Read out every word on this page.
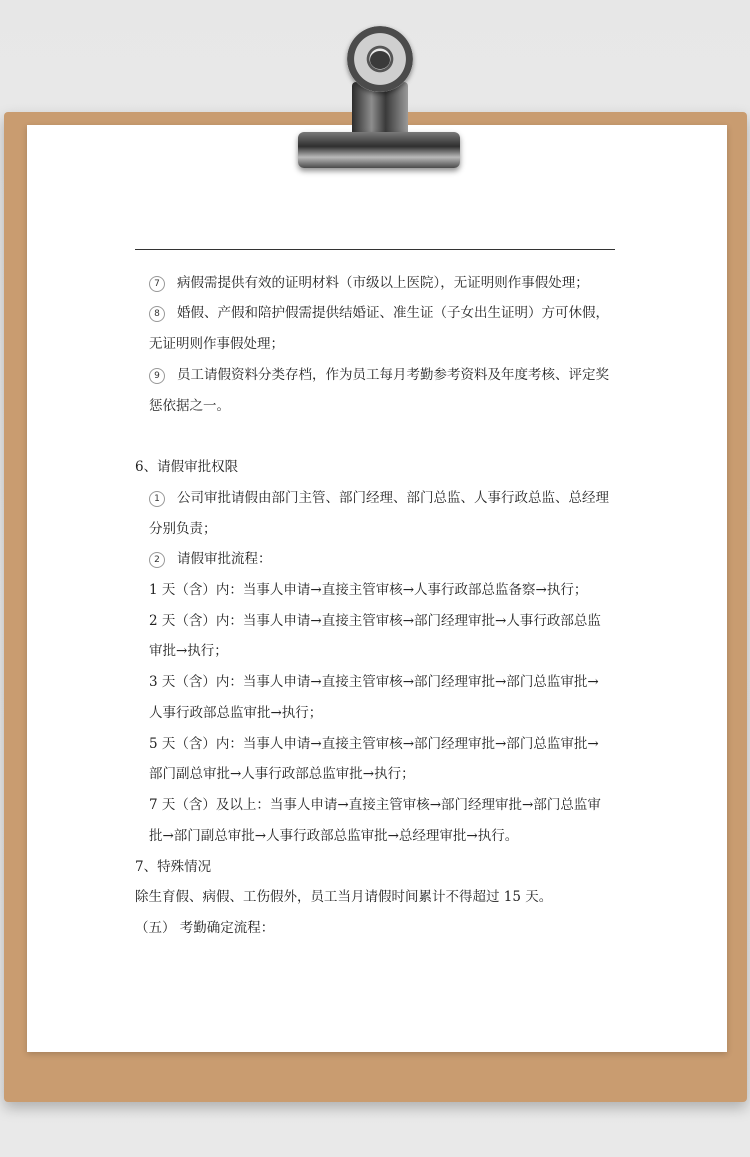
7 病假需提供有效的证明材料（市级以上医院），无证明则作事假处理；
8 婚假、产假和陪护假需提供结婚证、准生证（子女出生证明）方可休假，
无证明则作事假处理；
9 员工请假资料分类存档，作为员工每月考勤参考资料及年度考核、评定奖
惩依据之一。
6、请假审批权限
1 公司审批请假由部门主管、部门经理、部门总监、人事行政总监、总经理
分别负责；
2 请假审批流程：
1 天（含）内：当事人申请→直接主管审核→人事行政部总监备察→执行；
2 天（含）内：当事人申请→直接主管审核→部门经理审批→人事行政部总监
审批→执行；
3 天（含）内：当事人申请→直接主管审核→部门经理审批→部门总监审批→
人事行政部总监审批→执行；
5 天（含）内：当事人申请→直接主管审核→部门经理审批→部门总监审批→
部门副总审批→人事行政部总监审批→执行；
7 天（含）及以上：当事人申请→直接主管审核→部门经理审批→部门总监审
批→部门副总审批→人事行政部总监审批→总经理审批→执行。
7、特殊情况
除生育假、病假、工伤假外，员工当月请假时间累计不得超过 15 天。
（五） 考勤确定流程：
